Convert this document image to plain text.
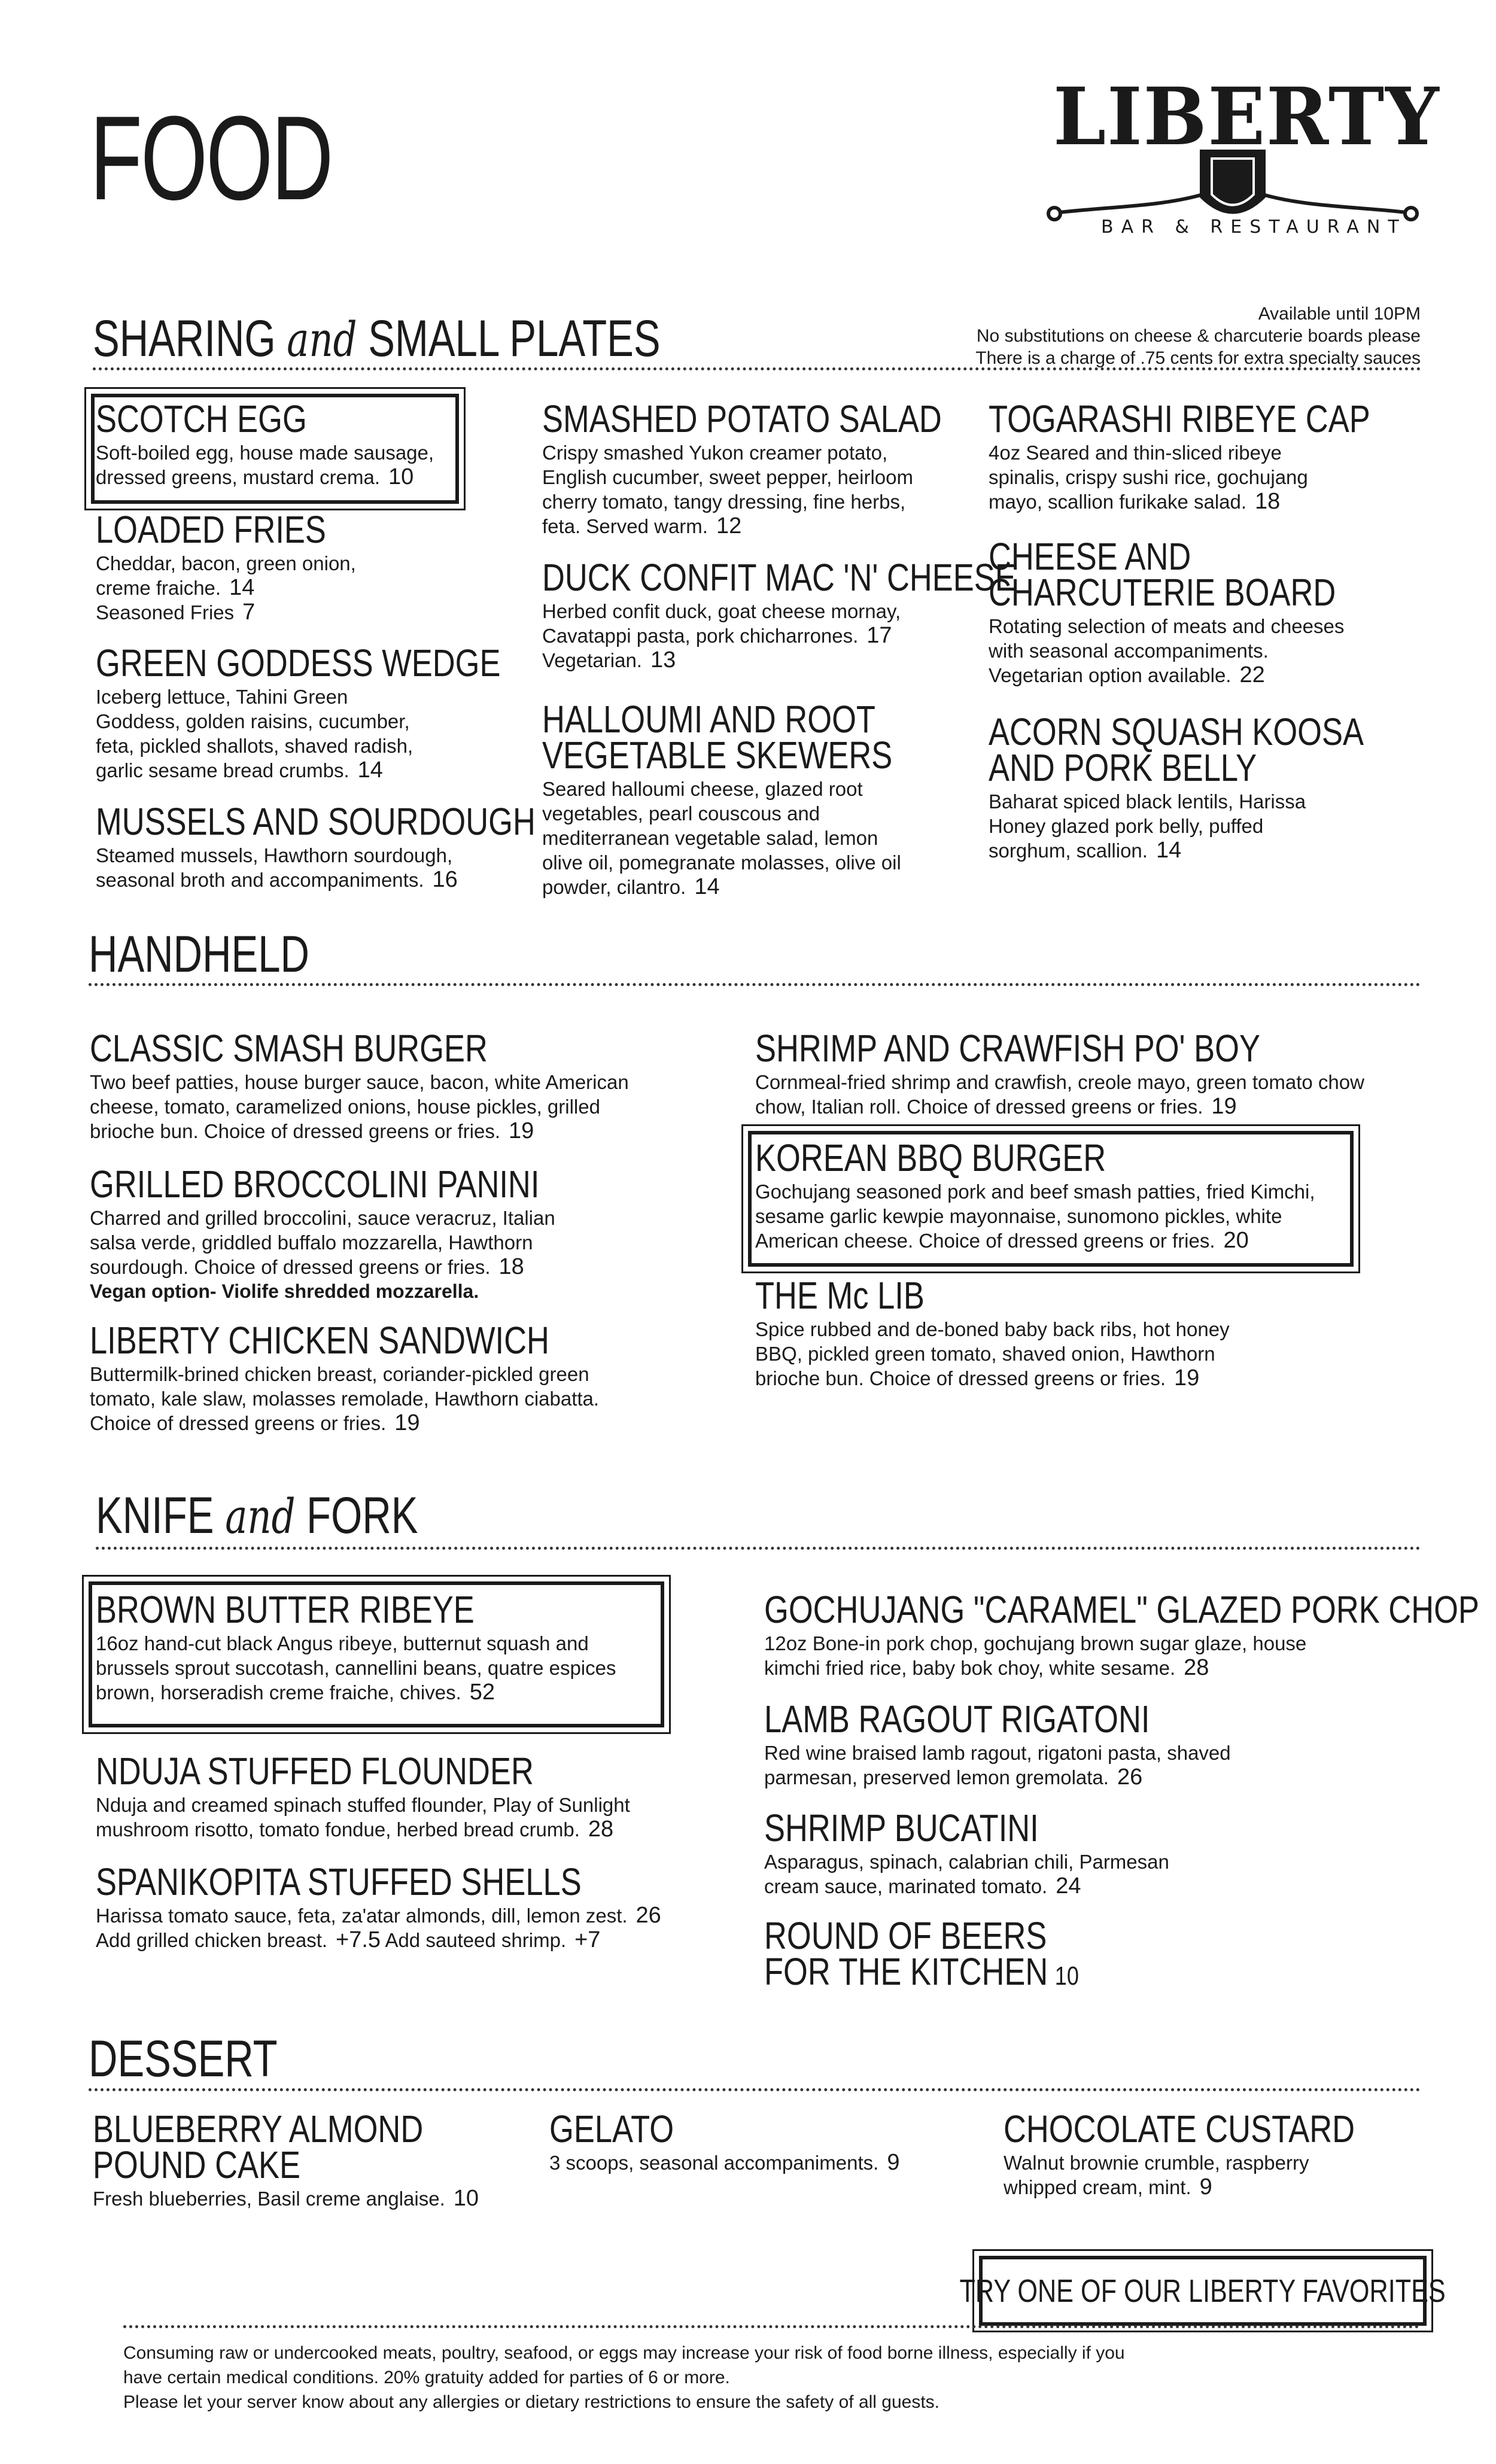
FOOD	LIBERTY
BAR & RESTAURANT
Available until 10PM
No substitutions on cheese & charcuterie boards please
There is a charge of .75 cents for extra specialty sauces
SHARING and SMALL PLATES
SCOTCH EGG

Soft-boiled egg, house made sausage, dressed greens, mustard crema. 10

LOADED FRIES

Cheddar, bacon, green onion, creme fraiche. 14

Seasoned Fries 7

GREEN GODDESS WEDGE

Iceberg lettuce, Tahini Green Goddess, golden raisins, cucumber, feta, pickled shallots, shaved radish, garlic sesame bread crumbs. 14

MUSSELS AND SOURDOUGH

Steamed mussels, Hawthorn sourdough, seasonal broth and accompaniments. 16

SMASHED POTATO SALAD

Crispy smashed Yukon creamer potato, English cucumber, sweet pepper, heirloom cherry tomato, tangy dressing, fine herbs, feta. Served warm. 12

DUCK CONFIT MAC 'N' CHEESE

Herbed confit duck, goat cheese mornay, Cavatappi pasta, pork chicharrones. 17

Vegetarian. 13

HALLOUMI AND ROOT
VEGETABLE SKEWERS

Seared halloumi cheese, glazed root vegetables, pearl couscous and mediterranean vegetable salad, lemon olive oil, pomegranate molasses, olive oil powder, cilantro. 14

TOGARASHI RIBEYE CAP

4oz Seared and thin-sliced ribeye spinalis, crispy sushi rice, gochujang mayo, scallion furikake salad. 18

CHEESE AND
CHARCUTERIE BOARD

Rotating selection of meats and cheeses with seasonal accompaniments. Vegetarian option available. 22

ACORN SQUASH KOOSA
AND PORK BELLY

Baharat spiced black lentils, Harissa Honey glazed pork belly, puffed sorghum, scallion. 14

HANDHELD
CLASSIC SMASH BURGER

Two beef patties, house burger sauce, bacon, white American cheese, tomato, caramelized onions, house pickles, grilled brioche bun. Choice of dressed greens or fries. 19

GRILLED BROCCOLINI PANINI

Charred and grilled broccolini, sauce veracruz, Italian salsa verde, griddled buffalo mozzarella, Hawthorn sourdough. Choice of dressed greens or fries. 18

Vegan option- Violife shredded mozzarella.

LIBERTY CHICKEN SANDWICH

Buttermilk-brined chicken breast, coriander-pickled green tomato, kale slaw, molasses remolade, Hawthorn ciabatta. Choice of dressed greens or fries. 19

SHRIMP AND CRAWFISH PO' BOY

Cornmeal-fried shrimp and crawfish, creole mayo, green tomato chow chow, Italian roll. Choice of dressed greens or fries. 19

KOREAN BBQ BURGER

Gochujang seasoned pork and beef smash patties, fried Kimchi, sesame garlic kewpie mayonnaise, sunomono pickles, white American cheese. Choice of dressed greens or fries. 20

THE Mc LIB

Spice rubbed and de-boned baby back ribs, hot honey BBQ, pickled green tomato, shaved onion, Hawthorn brioche bun. Choice of dressed greens or fries. 19

KNIFE and FORK
BROWN BUTTER RIBEYE

16oz hand-cut black Angus ribeye, butternut squash and brussels sprout succotash, cannellini beans, quatre espices brown, horseradish creme fraiche, chives. 52

NDUJA STUFFED FLOUNDER

Nduja and creamed spinach stuffed flounder, Play of Sunlight mushroom risotto, tomato fondue, herbed bread crumb. 28

SPANIKOPITA STUFFED SHELLS

Harissa tomato sauce, feta, za'atar almonds, dill, lemon zest. 26

Add grilled chicken breast. +7.5 Add sauteed shrimp. +7

GOCHUJANG "CARAMEL" GLAZED PORK CHOP

12oz Bone-in pork chop, gochujang brown sugar glaze, house kimchi fried rice, baby bok choy, white sesame. 28

LAMB RAGOUT RIGATONI

Red wine braised lamb ragout, rigatoni pasta, shaved parmesan, preserved lemon gremolata. 26

SHRIMP BUCATINI

Asparagus, spinach, calabrian chili, Parmesan cream sauce, marinated tomato. 24

ROUND OF BEERS
FOR THE KITCHEN 10
DESSERT
BLUEBERRY ALMOND
POUND CAKE

Fresh blueberries, Basil creme anglaise. 10

GELATO

3 scoops, seasonal accompaniments. 9

CHOCOLATE CUSTARD

Walnut brownie crumble, raspberry whipped cream, mint. 9

TRY ONE OF OUR LIBERTY FAVORITES
Consuming raw or undercooked meats, poultry, seafood, or eggs may increase your risk of food borne illness, especially if you
have certain medical conditions. 20% gratuity added for parties of 6 or more.
Please let your server know about any allergies or dietary restrictions to ensure the safety of all guests.
